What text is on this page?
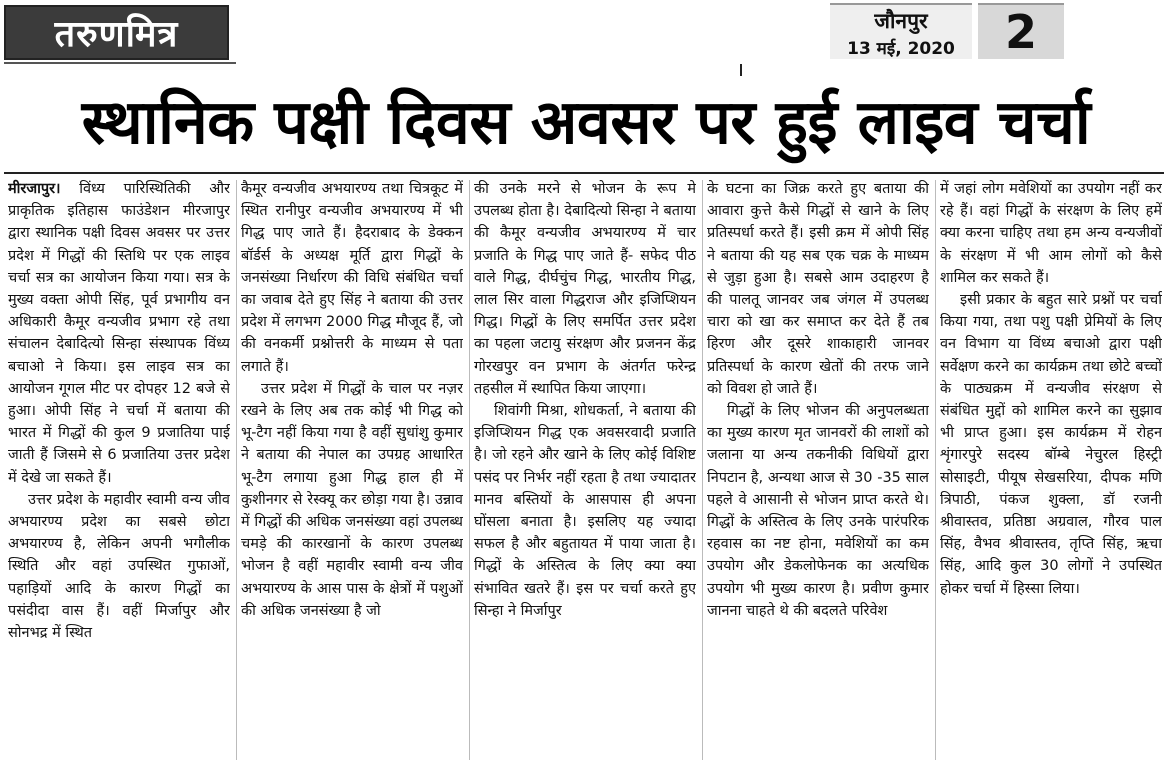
तरुणमित्र	जौनपुर
13 मई, 2020	2
स्थानिक पक्षी दिवस अवसर पर हुई लाइव चर्चा

मीरजापुर। विंध्य पारिस्थितिकी और प्राकृतिक इतिहास फाउंडेशन मीरजापुर द्वारा स्थानिक पक्षी दिवस अवसर पर उत्तर प्रदेश में गिद्धों की स्तिथि पर एक लाइव चर्चा सत्र का आयोजन किया गया। सत्र के मुख्य वक्ता ओपी सिंह, पूर्व प्रभागीय वन अधिकारी कैमूर वन्यजीव प्रभाग रहे तथा संचालन देबादित्यो सिन्हा संस्थापक विंध्य बचाओ ने किया। इस लाइव सत्र का आयोजन गूगल मीट पर दोपहर 12 बजे से हुआ। ओपी सिंह ने चर्चा में बताया की भारत में गिद्धों की कुल 9 प्रजातिया पाई जाती हैं जिसमे से 6 प्रजातिया उत्तर प्रदेश में देखे जा सकते हैं।

उत्तर प्रदेश के महावीर स्वामी वन्य जीव अभयारण्य प्रदेश का सबसे छोटा अभयारण्य है, लेकिन अपनी भगौलीक स्थिति और वहां उपस्थित गुफाओं, पहाड़ियों आदि के कारण गिद्धों का पसंदीदा वास हैं। वहीं मिर्जापुर और सोनभद्र में स्थित

कैमूर वन्यजीव अभयारण्य तथा चित्रकूट में स्थित रानीपुर वन्यजीव अभयारण्य में भी गिद्ध पाए जाते हैं। हैदराबाद के डेक्कन बॉर्डर्स के अध्यक्ष मूर्ति द्वारा गिद्धों के जनसंख्या निर्धारण की विधि संबंधित चर्चा का जवाब देते हुए सिंह ने बताया की उत्तर प्रदेश में लगभग 2000 गिद्ध मौजूद हैं, जो की वनकर्मी प्रश्नोत्तरी के माध्यम से पता लगाते हैं।

उत्तर प्रदेश में गिद्धों के चाल पर नज़र रखने के लिए अब तक कोई भी गिद्ध को भू-टैग नहीं किया गया है वहीं सुधांशु कुमार ने बताया की नेपाल का उपग्रह आधारित भू-टैग लगाया हुआ गिद्ध हाल ही में कुशीनगर से रेस्क्यू कर छोड़ा गया है। उन्नाव में गिद्धों की अधिक जनसंख्या वहां उपलब्ध चमड़े की कारखानों के कारण उपलब्ध भोजन है वहीं महावीर स्वामी वन्य जीव अभयारण्य के आस पास के क्षेत्रों में पशुओं की अधिक जनसंख्या है जो

की उनके मरने से भोजन के रूप मे उपलब्ध होता है। देबादित्यो सिन्हा ने बताया की कैमूर वन्यजीव अभयारण्य में चार प्रजाति के गिद्ध पाए जाते हैं- सफेद पीठ वाले गिद्ध, दीर्घचुंच गिद्ध, भारतीय गिद्ध, लाल सिर वाला गिद्धराज और इजिप्शियन गिद्ध। गिद्धों के लिए समर्पित उत्तर प्रदेश का पहला जटायु संरक्षण और प्रजनन केंद्र गोरखपुर वन प्रभाग के अंतर्गत फरेन्द्र तहसील में स्थापित किया जाएगा।

शिवांगी मिश्रा, शोधकर्ता, ने बताया की इजिप्शियन गिद्ध एक अवसरवादी प्रजाति है। जो रहने और खाने के लिए कोई विशिष्ट पसंद पर निर्भर नहीं रहता है तथा ज्यादातर मानव बस्तियों के आसपास ही अपना घोंसला बनाता है। इसलिए यह ज्यादा सफल है और बहुतायत में पाया जाता है। गिद्धों के अस्तित्व के लिए क्या क्या संभावित खतरे हैं। इस पर चर्चा करते हुए सिन्हा ने मिर्जापुर

के घटना का जिक्र करते हुए बताया की आवारा कुत्ते कैसे गिद्धों से खाने के लिए प्रतिस्पर्धा करते हैं। इसी क्रम में ओपी सिंह ने बताया की यह सब एक चक्र के माध्यम से जुड़ा हुआ है। सबसे आम उदाहरण है की पालतू जानवर जब जंगल में उपलब्ध चारा को खा कर समाप्त कर देते हैं तब हिरण और दूसरे शाकाहारी जानवर प्रतिस्पर्धा के कारण खेतों की तरफ जाने को विवश हो जाते हैं।

गिद्धों के लिए भोजन की अनुपलब्धता का मुख्य कारण मृत जानवरों की लाशों को जलाना या अन्य तकनीकी विधियों द्वारा निपटान है, अन्यथा आज से 30 -35 साल पहले वे आसानी से भोजन प्राप्त करते थे। गिद्धों के अस्तित्व के लिए उनके पारंपरिक रहवास का नष्ट होना, मवेशियों का कम उपयोग और डेकलोफेनक का अत्यधिक उपयोग भी मुख्य कारण है। प्रवीण कुमार जानना चाहते थे की बदलते परिवेश

में जहां लोग मवेशियों का उपयोग नहीं कर रहे हैं। वहां गिद्धों के संरक्षण के लिए हमें क्या करना चाहिए तथा हम अन्य वन्यजीवों के संरक्षण में भी आम लोगों को कैसे शामिल कर सकते हैं।

इसी प्रकार के बहुत सारे प्रश्नों पर चर्चा किया गया, तथा पशु पक्षी प्रेमियों के लिए वन विभाग या विंध्य बचाओ द्वारा पक्षी सर्वेक्षण करने का कार्यक्रम तथा छोटे बच्चों के पाठ्यक्रम में वन्यजीव संरक्षण से संबंधित मुद्दों को शामिल करने का सुझाव भी प्राप्त हुआ। इस कार्यक्रम में रोहन शृंगारपुरे सदस्य बॉम्बे नेचुरल हिस्ट्री सोसाइटी, पीयूष सेखसरिया, दीपक मणि त्रिपाठी, पंकज शुक्ला, डॉ रजनी श्रीवास्तव, प्रतिष्ठा अग्रवाल, गौरव पाल सिंह, वैभव श्रीवास्तव, तृप्ति सिंह, ऋचा सिंह, आदि कुल 30 लोगों ने उपस्थित होकर चर्चा में हिस्सा लिया।
